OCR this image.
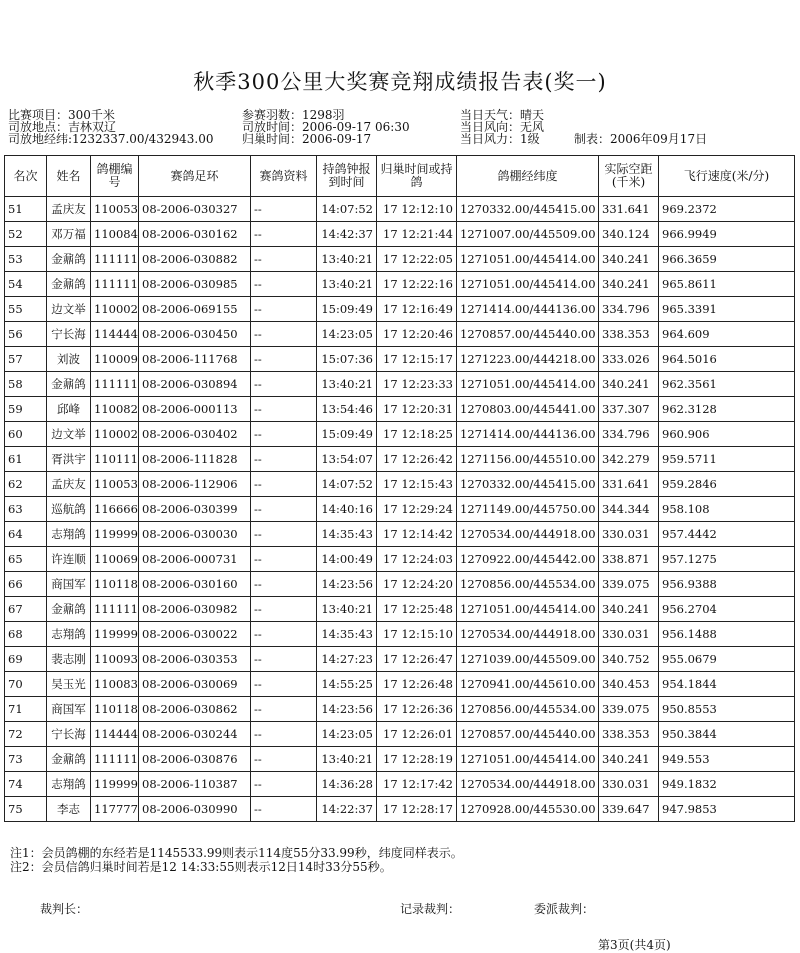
秋季300公里大奖赛竞翔成绩报告表(奖一)
比赛项目：300千米
司放地点：吉林双辽
司放地经纬:1232337.00/432943.00
参赛羽数：1298羽
司放时间：2006-09-17 06:30
归巢时间：2006-09-17
当日天气：晴天
当日风向：无风
当日风力：1级	制表：2006年09月17日
名次	姓名	鸽棚编号	赛鸽足环	赛鸽资料	持鸽钟报到时间	归巢时间或持鸽	鸽棚经纬度	实际空距(千米)	飞行速度(米/分)
51	孟庆友	110053	08-2006-030327	--	14:07:52	17 12:12:10	1270332.00/445415.00	331.641	969.2372
52	邓万福	110084	08-2006-030162	--	14:42:37	17 12:21:44	1271007.00/445509.00	340.124	966.9949
53	金鼐鸽	111111	08-2006-030882	--	13:40:21	17 12:22:05	1271051.00/445414.00	340.241	966.3659
54	金鼐鸽	111111	08-2006-030985	--	13:40:21	17 12:22:16	1271051.00/445414.00	340.241	965.8611
55	边文举	110002	08-2006-069155	--	15:09:49	17 12:16:49	1271414.00/444136.00	334.796	965.3391
56	宁长海	114444	08-2006-030450	--	14:23:05	17 12:20:46	1270857.00/445440.00	338.353	964.609
57	刘波	110009	08-2006-111768	--	15:07:36	17 12:15:17	1271223.00/444218.00	333.026	964.5016
58	金鼐鸽	111111	08-2006-030894	--	13:40:21	17 12:23:33	1271051.00/445414.00	340.241	962.3561
59	邱峰	110082	08-2006-000113	--	13:54:46	17 12:20:31	1270803.00/445441.00	337.307	962.3128
60	边文举	110002	08-2006-030402	--	15:09:49	17 12:18:25	1271414.00/444136.00	334.796	960.906
61	胥洪宇	110111	08-2006-111828	--	13:54:07	17 12:26:42	1271156.00/445510.00	342.279	959.5711
62	孟庆友	110053	08-2006-112906	--	14:07:52	17 12:15:43	1270332.00/445415.00	331.641	959.2846
63	巡航鸽	116666	08-2006-030399	--	14:40:16	17 12:29:24	1271149.00/445750.00	344.344	958.108
64	志翔鸽	119999	08-2006-030030	--	14:35:43	17 12:14:42	1270534.00/444918.00	330.031	957.4442
65	许连顺	110069	08-2006-000731	--	14:00:49	17 12:24:03	1270922.00/445442.00	338.871	957.1275
66	商国军	110118	08-2006-030160	--	14:23:56	17 12:24:20	1270856.00/445534.00	339.075	956.9388
67	金鼐鸽	111111	08-2006-030982	--	13:40:21	17 12:25:48	1271051.00/445414.00	340.241	956.2704
68	志翔鸽	119999	08-2006-030022	--	14:35:43	17 12:15:10	1270534.00/444918.00	330.031	956.1488
69	裴志刚	110093	08-2006-030353	--	14:27:23	17 12:26:47	1271039.00/445509.00	340.752	955.0679
70	吴玉光	110083	08-2006-030069	--	14:55:25	17 12:26:48	1270941.00/445610.00	340.453	954.1844
71	商国军	110118	08-2006-030862	--	14:23:56	17 12:26:36	1270856.00/445534.00	339.075	950.8553
72	宁长海	114444	08-2006-030244	--	14:23:05	17 12:26:01	1270857.00/445440.00	338.353	950.3844
73	金鼐鸽	111111	08-2006-030876	--	13:40:21	17 12:28:19	1271051.00/445414.00	340.241	949.553
74	志翔鸽	119999	08-2006-110387	--	14:36:28	17 12:17:42	1270534.00/444918.00	330.031	949.1832
75	李志	117777	08-2006-030990	--	14:22:37	17 12:28:17	1270928.00/445530.00	339.647	947.9853
注1：会员鸽棚的东经若是1145533.99则表示114度55分33.99秒，纬度同样表示。
注2：会员信鸽归巢时间若是12 14:33:55则表示12日14时33分55秒。
裁判长：	记录裁判：	委派裁判：
第3页(共4页)
